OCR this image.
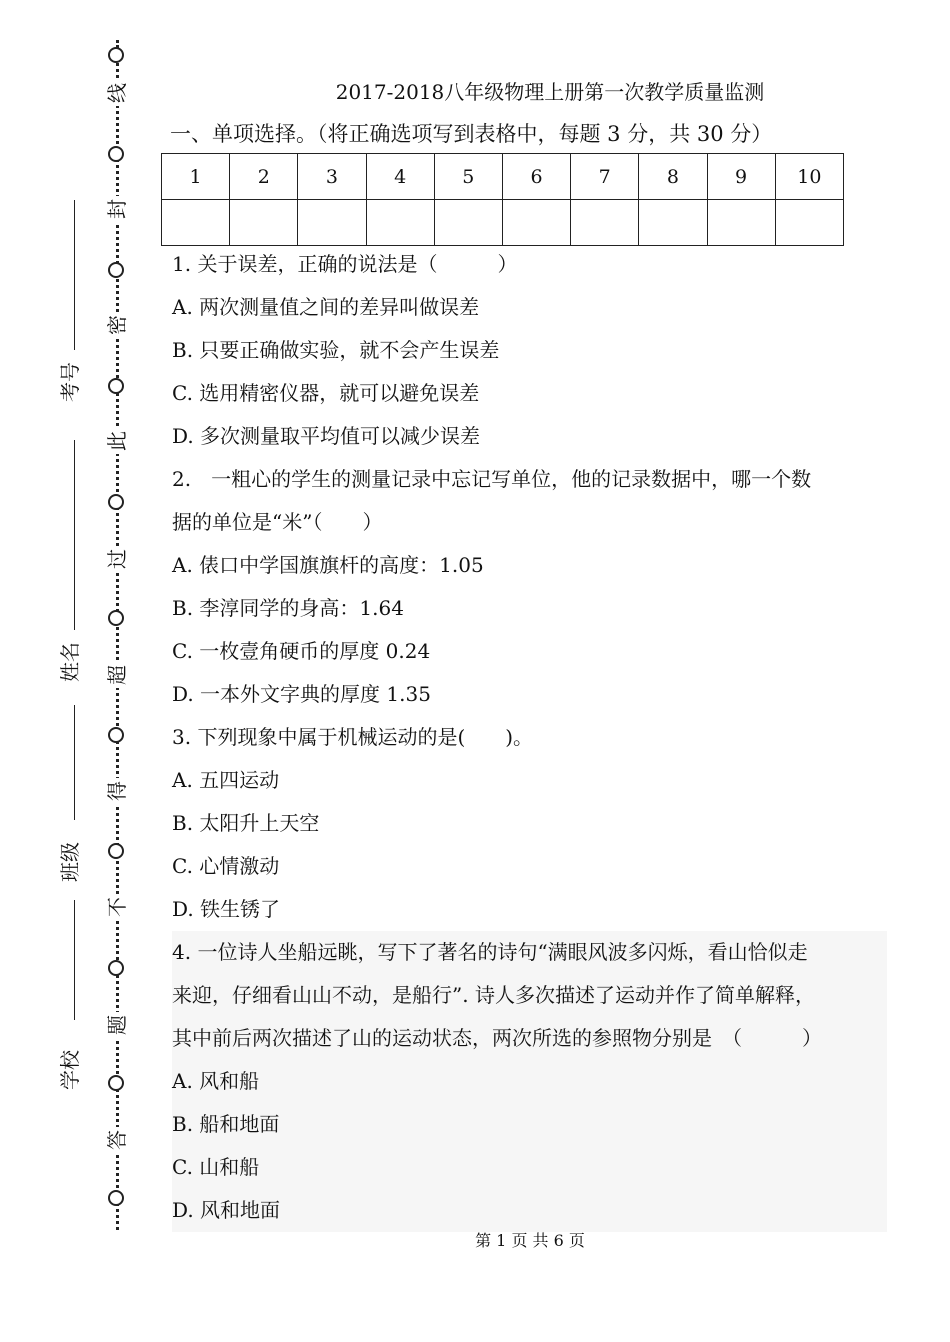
线
封
密
此
过
超
得
不
题
答
考号
姓名
班级
学校
2017-2018八年级物理上册第一次教学质量监测
一、单项选择。（将正确选项写到表格中，每题 3 分，共 30 分）
1	2	3	4	5	6	7	8	9	10

1. 关于误差，正确的说法是（　　　）
A. 两次测量值之间的差异叫做误差
B. 只要正确做实验，就不会产生误差
C. 选用精密仪器，就可以避免误差
D. 多次测量取平均值可以减少误差
2.　一粗心的学生的测量记录中忘记写单位，他的记录数据中，哪一个数
据的单位是“米”（　　）
A. 俵口中学国旗旗杆的高度：1.05
B. 李淳同学的身高：1.64
C. 一枚壹角硬币的厚度 0.24
D. 一本外文字典的厚度 1.35
3. 下列现象中属于机械运动的是(　　)。
A. 五四运动
B. 太阳升上天空
C. 心情激动
D. 铁生锈了
4. 一位诗人坐船远眺，写下了著名的诗句“满眼风波多闪烁，看山恰似走
来迎，仔细看山山不动，是船行”. 诗人多次描述了运动并作了简单解释，
其中前后两次描述了山的运动状态，两次所选的参照物分别是　（　　　）
A. 风和船
B. 船和地面
C. 山和船
D. 风和地面
第 1 页 共 6 页
